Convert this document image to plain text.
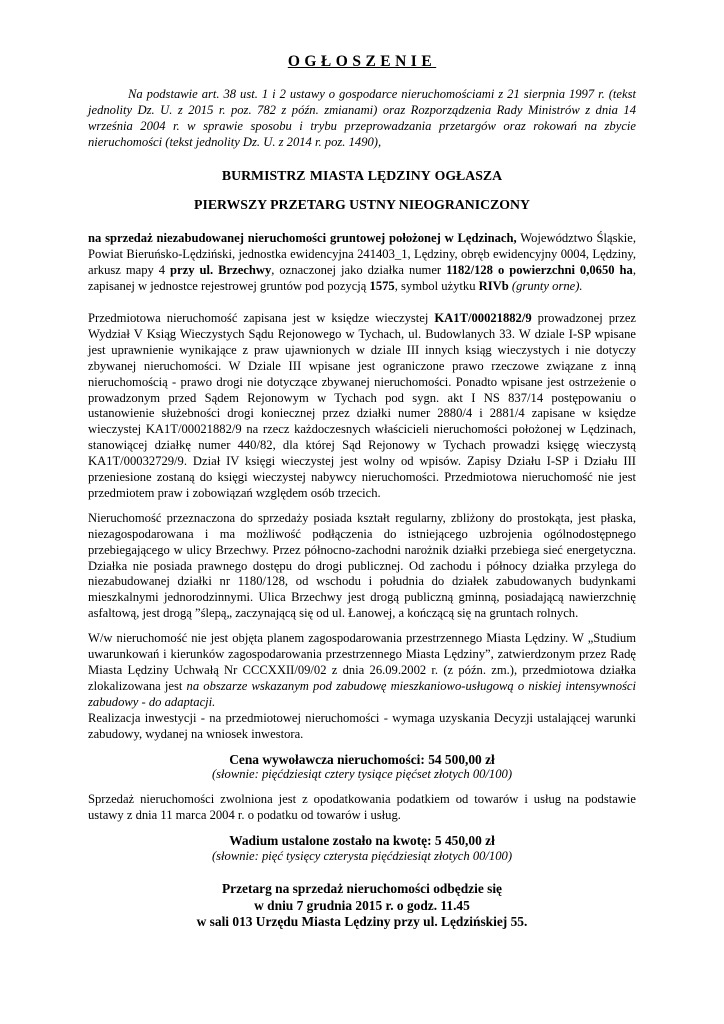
OGŁOSZENIE

Na podstawie art. 38 ust. 1 i 2 ustawy o gospodarce nieruchomościami z 21 sierpnia 1997 r. (tekst jednolity Dz. U. z 2015 r. poz. 782 z późn. zmianami) oraz Rozporządzenia Rady Ministrów z dnia 14 września 2004 r. w sprawie sposobu i trybu przeprowadzania przetargów oraz rokowań na zbycie nieruchomości (tekst jednolity Dz. U. z 2014 r. poz. 1490),

BURMISTRZ MIASTA LĘDZINY OGŁASZA
PIERWSZY PRZETARG USTNY NIEOGRANICZONY

na sprzedaż niezabudowanej nieruchomości gruntowej położonej w Lędzinach, Województwo Śląskie, Powiat Bieruńsko-Lędziński, jednostka ewidencyjna 241403_1, Lędziny, obręb ewidencyjny 0004, Lędziny, arkusz mapy 4 przy ul. Brzechwy, oznaczonej jako działka numer 1182/128 o powierzchni 0,0650 ha, zapisanej w jednostce rejestrowej gruntów pod pozycją 1575, symbol użytku RIVb (grunty orne).

Przedmiotowa nieruchomość zapisana jest w księdze wieczystej KA1T/00021882/9 prowadzonej przez Wydział V Ksiąg Wieczystych Sądu Rejonowego w Tychach, ul. Budowlanych 33. W dziale I-SP wpisane jest uprawnienie wynikające z praw ujawnionych w dziale III innych ksiąg wieczystych i nie dotyczy zbywanej nieruchomości. W Dziale III wpisane jest ograniczone prawo rzeczowe związane z inną nieruchomością - prawo drogi nie dotyczące zbywanej nieruchomości. Ponadto wpisane jest ostrzeżenie o prowadzonym przed Sądem Rejonowym w Tychach pod sygn. akt I NS 837/14 postępowaniu o ustanowienie służebności drogi koniecznej przez działki numer 2880/4 i 2881/4 zapisane w księdze wieczystej KA1T/00021882/9 na rzecz każdoczesnych właścicieli nieruchomości położonej w Lędzinach, stanowiącej działkę numer 440/82, dla której Sąd Rejonowy w Tychach prowadzi księgę wieczystą KA1T/00032729/9. Dział IV księgi wieczystej jest wolny od wpisów. Zapisy Działu I-SP i Działu III przeniesione zostaną do księgi wieczystej nabywcy nieruchomości. Przedmiotowa nieruchomość nie jest przedmiotem praw i zobowiązań względem osób trzecich.

Nieruchomość przeznaczona do sprzedaży posiada kształt regularny, zbliżony do prostokąta, jest płaska, niezagospodarowana i ma możliwość podłączenia do istniejącego uzbrojenia ogólnodostępnego przebiegającego w ulicy Brzechwy. Przez północno-zachodni narożnik działki przebiega sieć energetyczna. Działka nie posiada prawnego dostępu do drogi publicznej. Od zachodu i północy działka przylega do niezabudowanej działki nr 1180/128, od wschodu i południa do działek zabudowanych budynkami mieszkalnymi jednorodzinnymi. Ulica Brzechwy jest drogą publiczną gminną, posiadającą nawierzchnię asfaltową, jest drogą ”ślepą„ zaczynającą się od ul. Łanowej, a kończącą się na gruntach rolnych.

W/w nieruchomość nie jest objęta planem zagospodarowania przestrzennego Miasta Lędziny. W „Studium uwarunkowań i kierunków zagospodarowania przestrzennego Miasta Lędziny”, zatwierdzonym przez Radę Miasta Lędziny Uchwałą Nr CCCXXII/09/02 z dnia 26.09.2002 r. (z późn. zm.), przedmiotowa działka zlokalizowana jest na obszarze wskazanym pod zabudowę mieszkaniowo-usługową o niskiej intensywności zabudowy - do adaptacji.
Realizacja inwestycji - na przedmiotowej nieruchomości - wymaga uzyskania Decyzji ustalającej warunki zabudowy, wydanej na wniosek inwestora.

Cena wywoławcza nieruchomości: 54 500,00 zł
(słownie: pięćdziesiąt cztery tysiące pięćset złotych 00/100)

Sprzedaż nieruchomości zwolniona jest z opodatkowania podatkiem od towarów i usług na podstawie ustawy z dnia 11 marca 2004 r. o podatku od towarów i usług.

Wadium ustalone zostało na kwotę: 5 450,00 zł
(słownie: pięć tysięcy czterysta pięćdziesiąt złotych 00/100)

Przetarg na sprzedaż nieruchomości odbędzie się

w dniu 7 grudnia 2015 r. o godz. 11.45

w sali 013 Urzędu Miasta Lędziny przy ul. Lędzińskiej 55.
